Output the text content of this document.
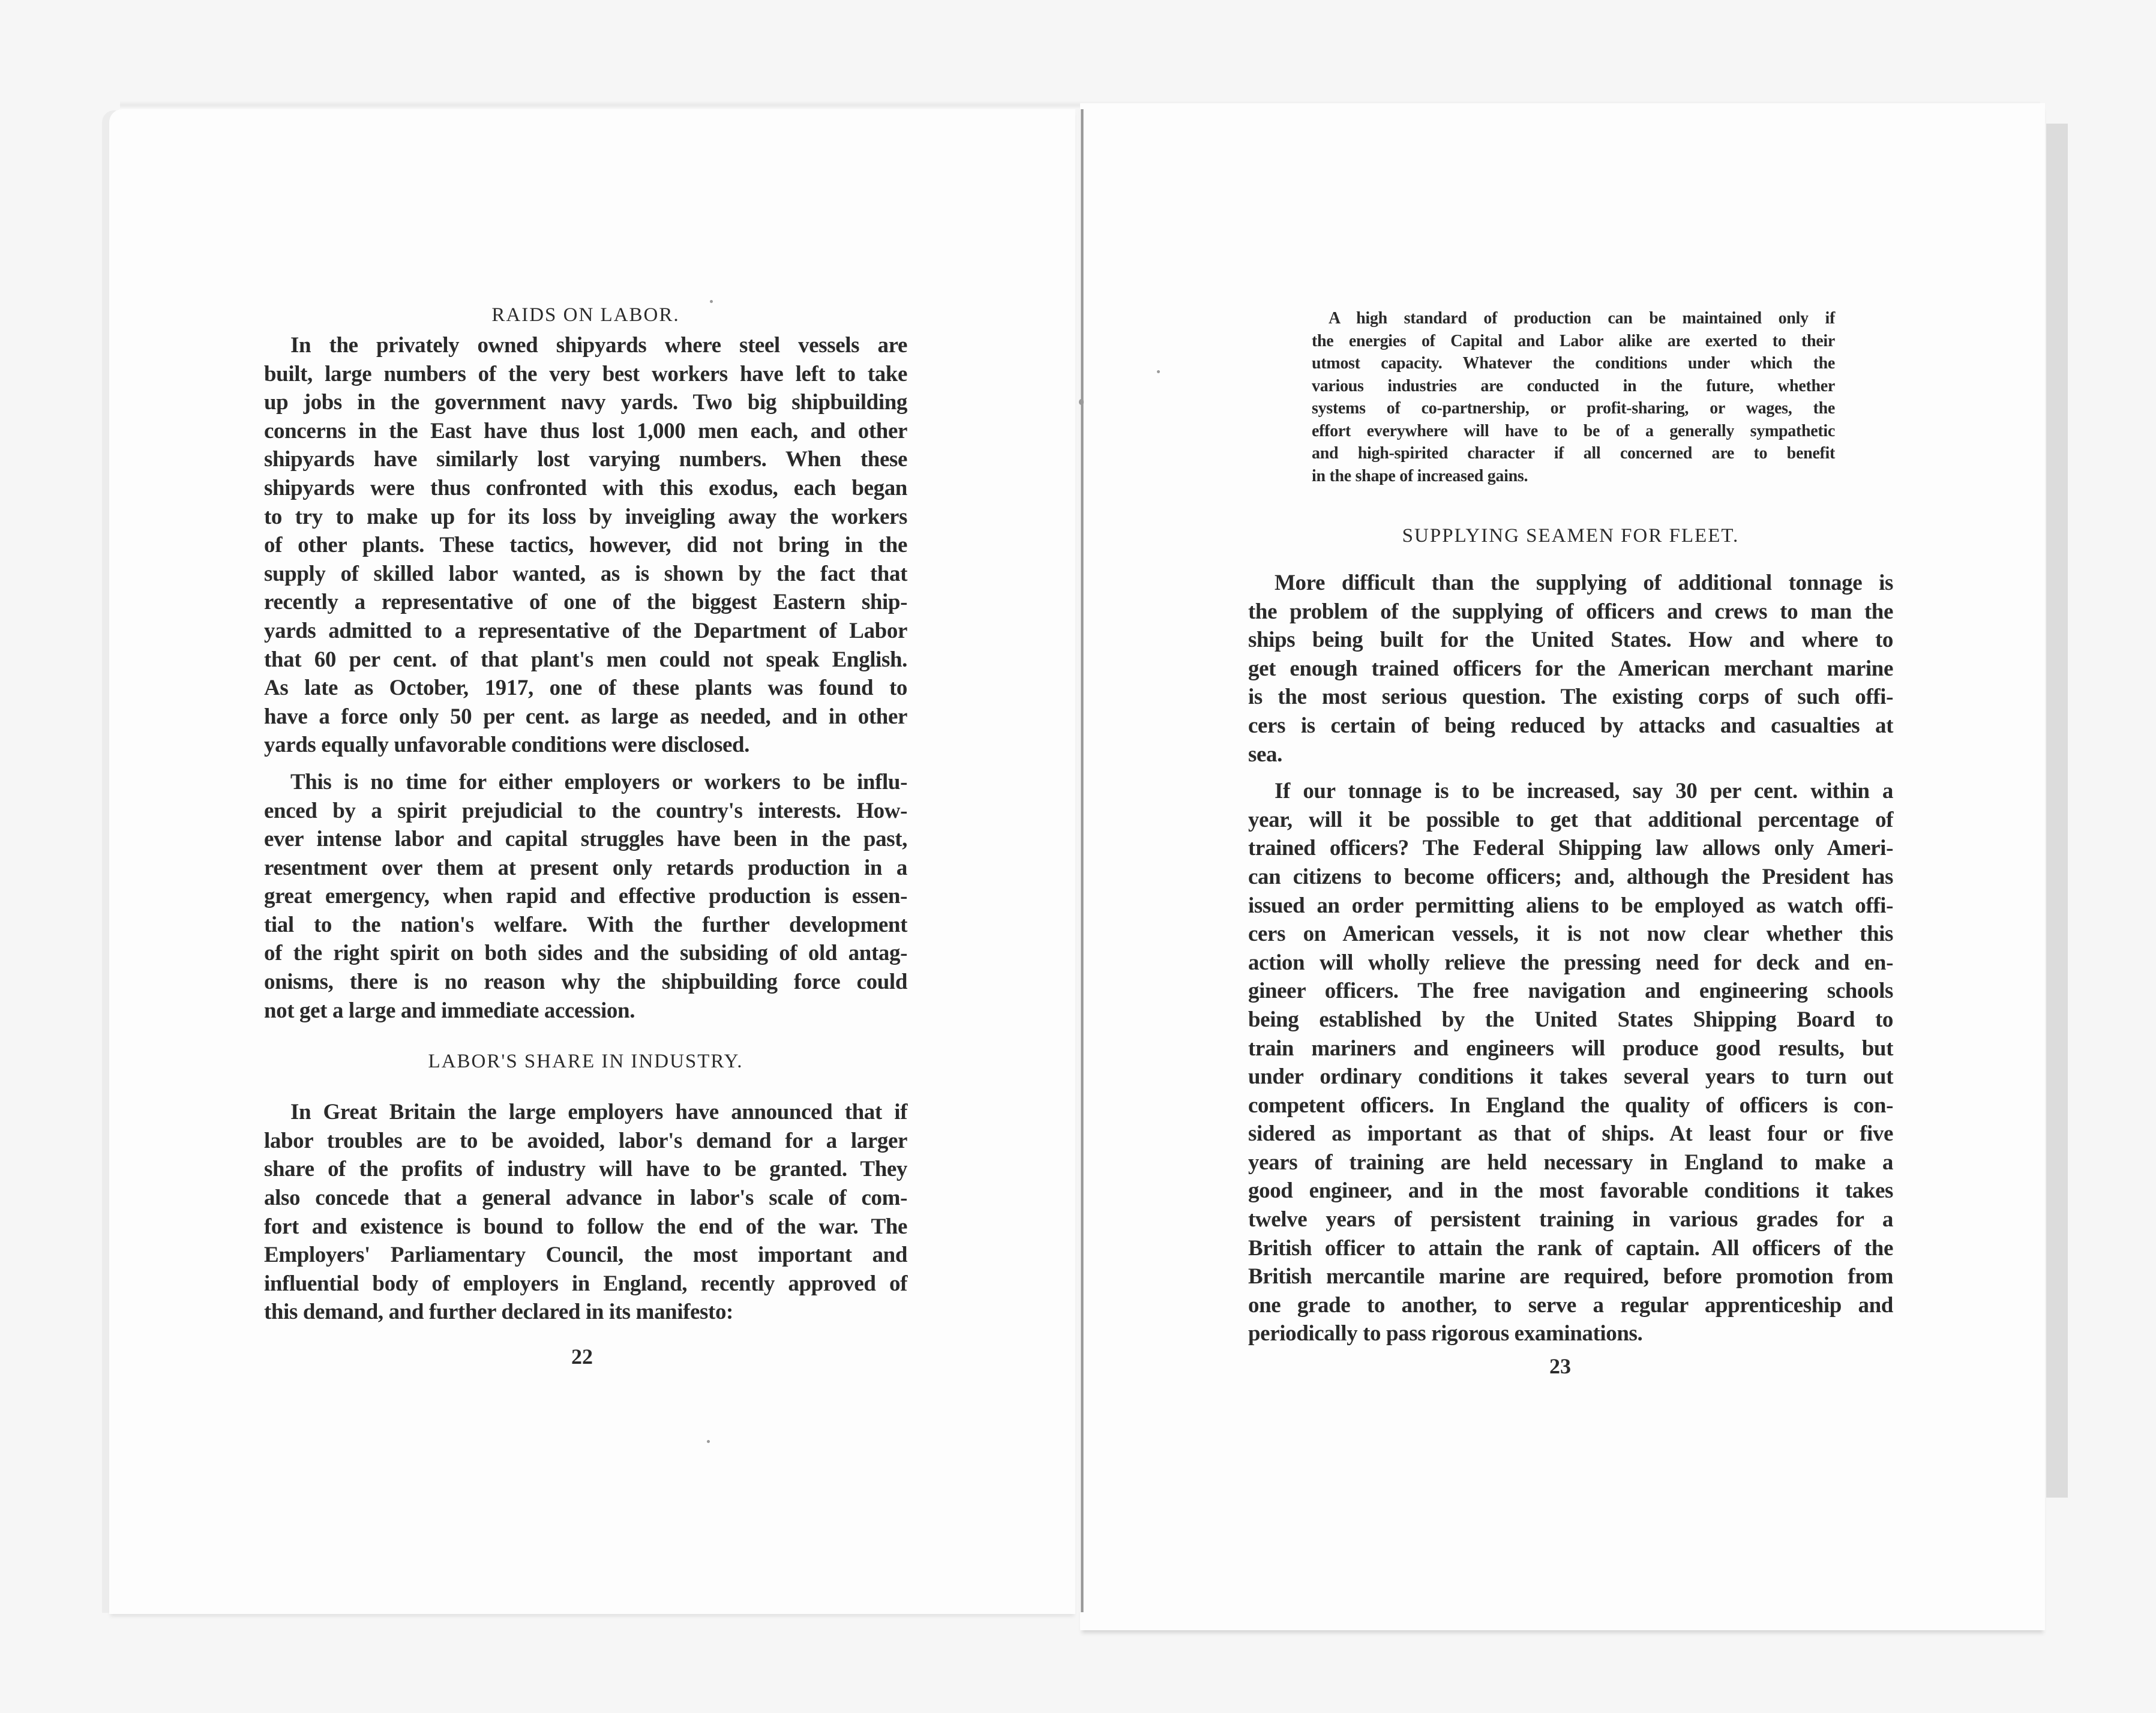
RAIDS ON LABOR.
In the privately owned shipyards where steel vessels are
built, large numbers of the very best workers have left to take
up jobs in the government navy yards. Two big shipbuilding
concerns in the East have thus lost 1,000 men each, and other
shipyards have similarly lost varying numbers. When these
shipyards were thus confronted with this exodus, each began
to try to make up for its loss by inveigling away the workers
of other plants. These tactics, however, did not bring in the
supply of skilled labor wanted, as is shown by the fact that
recently a representative of one of the biggest Eastern ship-
yards admitted to a representative of the Department of Labor
that 60 per cent. of that plant's men could not speak English.
As late as October, 1917, one of these plants was found to
have a force only 50 per cent. as large as needed, and in other
yards equally unfavorable conditions were disclosed.
This is no time for either employers or workers to be influ-
enced by a spirit prejudicial to the country's interests. How-
ever intense labor and capital struggles have been in the past,
resentment over them at present only retards production in a
great emergency, when rapid and effective production is essen-
tial to the nation's welfare. With the further development
of the right spirit on both sides and the subsiding of old antag-
onisms, there is no reason why the shipbuilding force could
not get a large and immediate accession.
LABOR'S SHARE IN INDUSTRY.
In Great Britain the large employers have announced that if
labor troubles are to be avoided, labor's demand for a larger
share of the profits of industry will have to be granted. They
also concede that a general advance in labor's scale of com-
fort and existence is bound to follow the end of the war. The
Employers' Parliamentary Council, the most important and
influential body of employers in England, recently approved of
this demand, and further declared in its manifesto:
22
A high standard of production can be maintained only if
the energies of Capital and Labor alike are exerted to their
utmost capacity. Whatever the conditions under which the
various industries are conducted in the future, whether
systems of co-partnership, or profit-sharing, or wages, the
effort everywhere will have to be of a generally sympathetic
and high-spirited character if all concerned are to benefit
in the shape of increased gains.
SUPPLYING SEAMEN FOR FLEET.
More difficult than the supplying of additional tonnage is
the problem of the supplying of officers and crews to man the
ships being built for the United States. How and where to
get enough trained officers for the American merchant marine
is the most serious question. The existing corps of such offi-
cers is certain of being reduced by attacks and casualties at
sea.
If our tonnage is to be increased, say 30 per cent. within a
year, will it be possible to get that additional percentage of
trained officers? The Federal Shipping law allows only Ameri-
can citizens to become officers; and, although the President has
issued an order permitting aliens to be employed as watch offi-
cers on American vessels, it is not now clear whether this
action will wholly relieve the pressing need for deck and en-
gineer officers. The free navigation and engineering schools
being established by the United States Shipping Board to
train mariners and engineers will produce good results, but
under ordinary conditions it takes several years to turn out
competent officers. In England the quality of officers is con-
sidered as important as that of ships. At least four or five
years of training are held necessary in England to make a
good engineer, and in the most favorable conditions it takes
twelve years of persistent training in various grades for a
British officer to attain the rank of captain. All officers of the
British mercantile marine are required, before promotion from
one grade to another, to serve a regular apprenticeship and
periodically to pass rigorous examinations.
23
